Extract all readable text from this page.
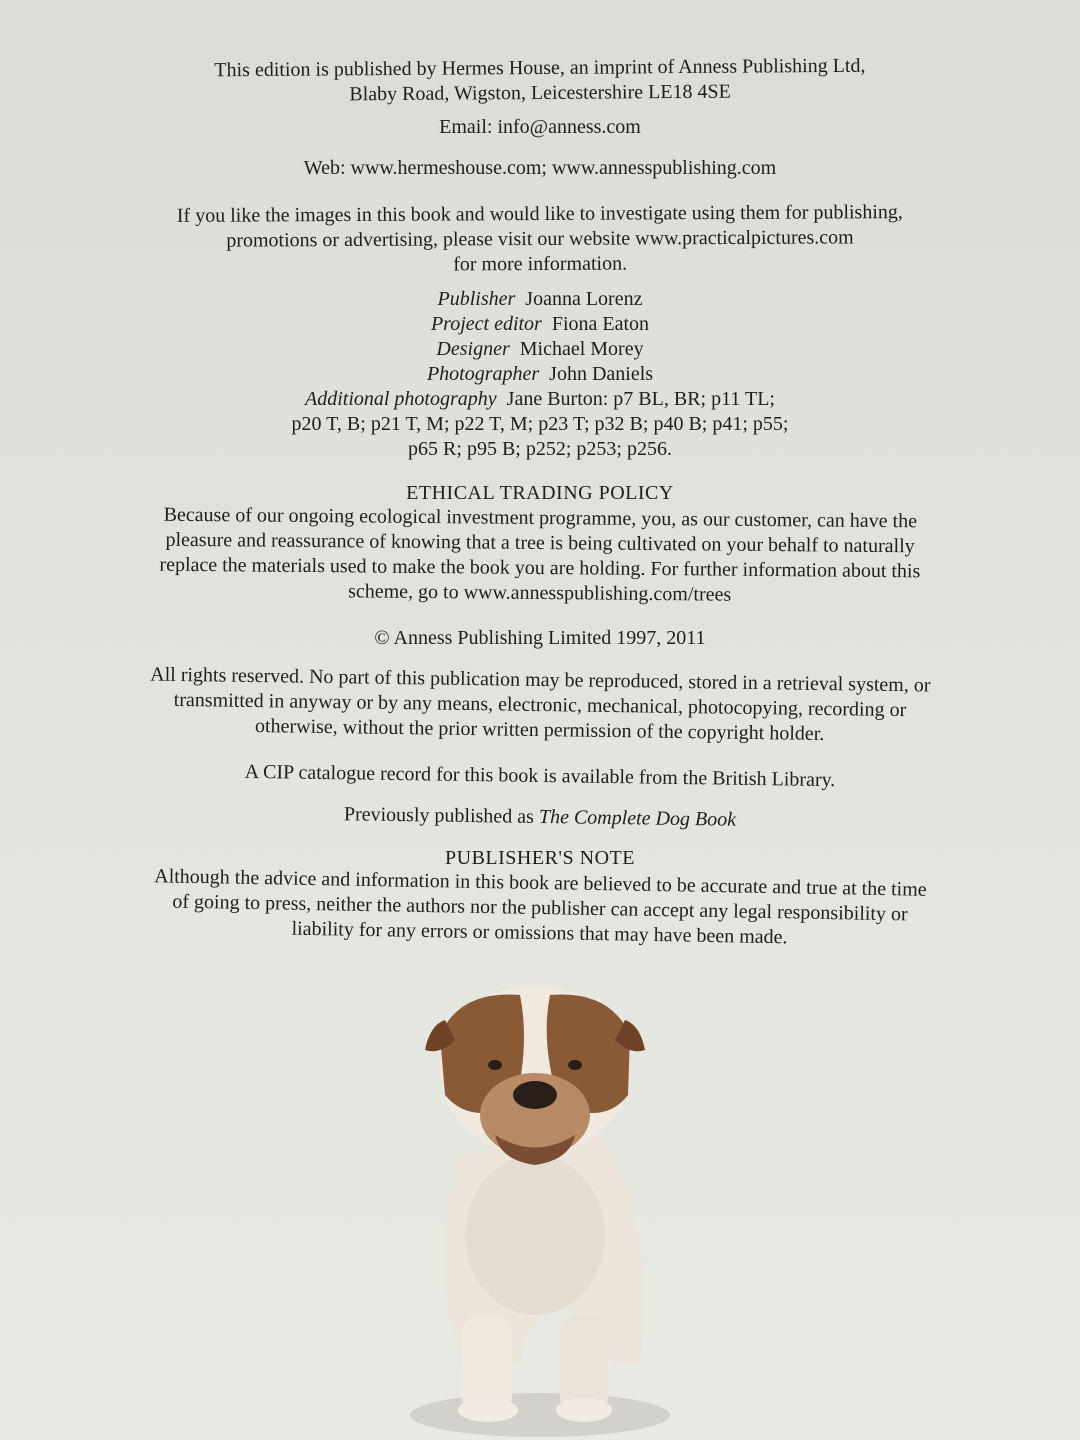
This edition is published by Hermes House, an imprint of Anness Publishing Ltd,

Blaby Road, Wigston, Leicestershire LE18 4SE

Email: info@anness.com

Web: www.hermeshouse.com; www.annesspublishing.com

If you like the images in this book and would like to investigate using them for publishing,

promotions or advertising, please visit our website www.practicalpictures.com

for more information.

Publisher Joanna Lorenz

Project editor Fiona Eaton

Designer Michael Morey

Photographer John Daniels

Additional photography Jane Burton: p7 BL, BR; p11 TL;

p20 T, B; p21 T, M; p22 T, M; p23 T; p32 B; p40 B; p41; p55;

p65 R; p95 B; p252; p253; p256.

ETHICAL TRADING POLICY

Because of our ongoing ecological investment programme, you, as our customer, can have the

pleasure and reassurance of knowing that a tree is being cultivated on your behalf to naturally

replace the materials used to make the book you are holding. For further information about this

scheme, go to www.annesspublishing.com/trees

© Anness Publishing Limited 1997, 2011

All rights reserved. No part of this publication may be reproduced, stored in a retrieval system, or

transmitted in anyway or by any means, electronic, mechanical, photocopying, recording or

otherwise, without the prior written permission of the copyright holder.

A CIP catalogue record for this book is available from the British Library.

Previously published as The Complete Dog Book

PUBLISHER'S NOTE

Although the advice and information in this book are believed to be accurate and true at the time

of going to press, neither the authors nor the publisher can accept any legal responsibility or

liability for any errors or omissions that may have been made.
